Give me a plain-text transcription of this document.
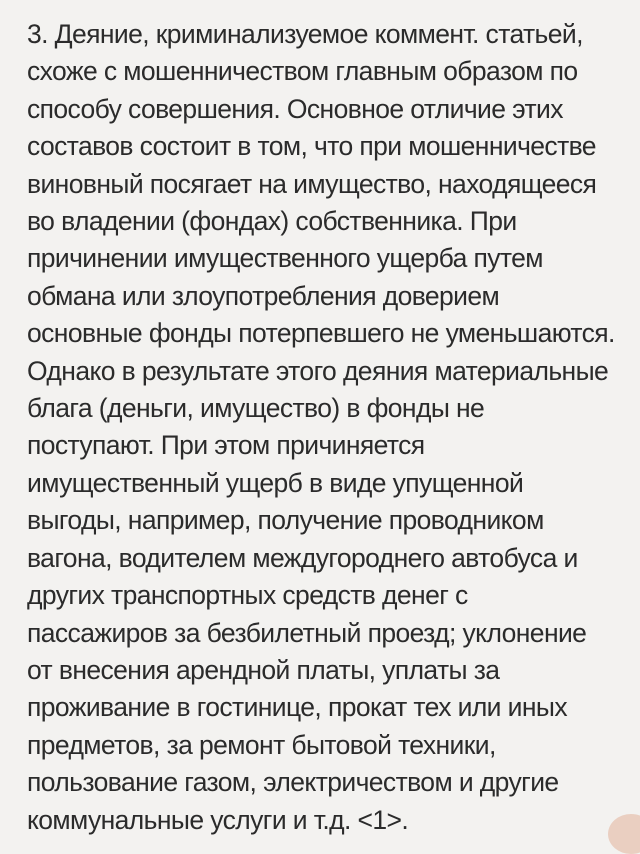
3. Деяние, криминализуемое коммент. статьей,
схоже с мошенничеством главным образом по
способу совершения. Основное отличие этих
составов состоит в том, что при мошенничестве
виновный посягает на имущество, находящееся
во владении (фондах) собственника. При
причинении имущественного ущерба путем
обмана или злоупотребления доверием
основные фонды потерпевшего не уменьшаются.
Однако в результате этого деяния материальные
блага (деньги, имущество) в фонды не
поступают. При этом причиняется
имущественный ущерб в виде упущенной
выгоды, например, получение проводником
вагона, водителем междугороднего автобуса и
других транспортных средств денег с
пассажиров за безбилетный проезд; уклонение
от внесения арендной платы, уплаты за
проживание в гостинице, прокат тех или иных
предметов, за ремонт бытовой техники,
пользование газом, электричеством и другие
коммунальные услуги и т.д. <1>.
